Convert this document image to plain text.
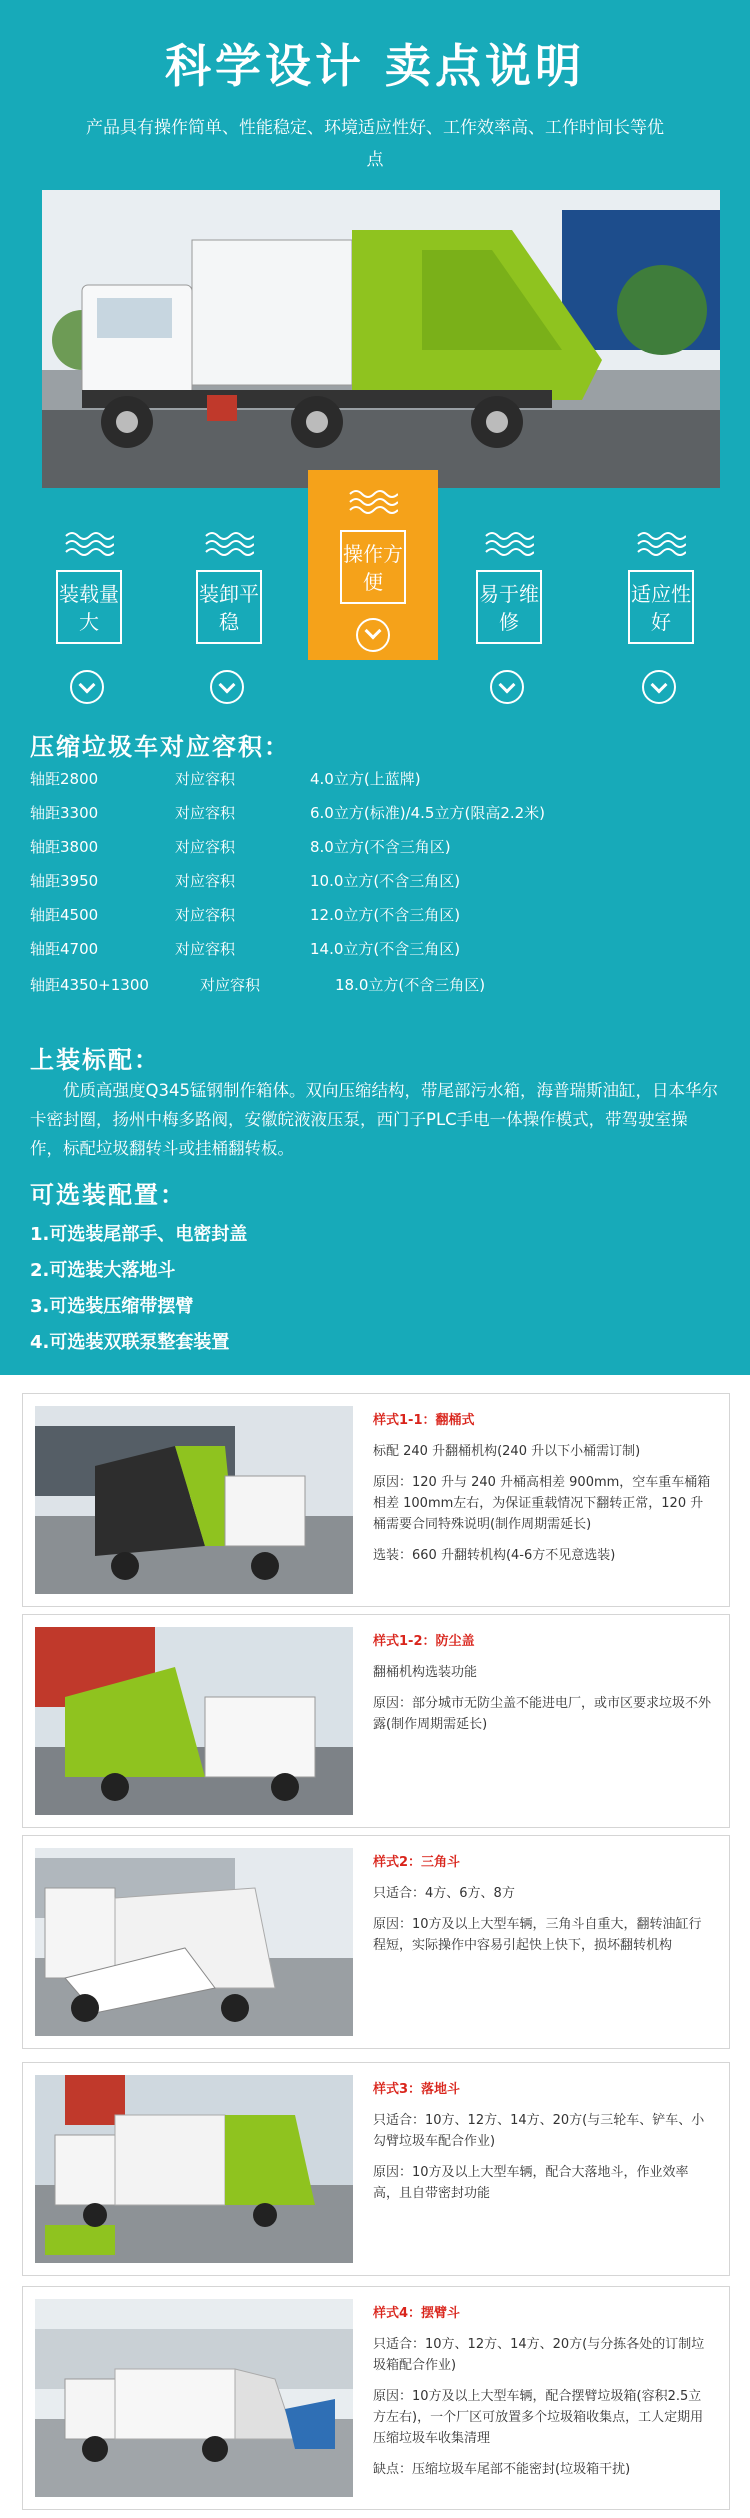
科学设计 卖点说明
产品具有操作简单、性能稳定、环境适应性好、工作效率高、工作时间长等优点
装载量大
装卸平稳
操作方便	易于维修
适应性好
压缩垃圾车对应容积：
轴距2800	对应容积	4.0立方(上蓝牌)
轴距3300	对应容积	6.0立方(标准)/4.5立方(限高2.2米)
轴距3800	对应容积	8.0立方(不含三角区)
轴距3950	对应容积	10.0立方(不含三角区)
轴距4500	对应容积	12.0立方(不含三角区)
轴距4700	对应容积	14.0立方(不含三角区)
轴距4350+1300	对应容积	18.0立方(不含三角区)
上装标配：
优质高强度Q345锰钢制作箱体。双向压缩结构，带尾部污水箱，海普瑞斯油缸，日本华尔卡密封圈，扬州中梅多路阀，安徽皖液液压泵，西门子PLC手电一体操作模式，带驾驶室操作，标配垃圾翻转斗或挂桶翻转板。
可选装配置：
1.可选装尾部手、电密封盖
2.可选装大落地斗
3.可选装压缩带摆臂
4.可选装双联泵整套装置
样式1-1：翻桶式
标配 240 升翻桶机构(240 升以下小桶需订制)
原因：120 升与 240 升桶高相差 900mm，空车重车桶箱相差 100mm左右，为保证重载情况下翻转正常，120 升桶需要合同特殊说明(制作周期需延长)
选装：660 升翻转机构(4-6方不见意选装)
样式1-2：防尘盖
翻桶机构选装功能
原因：部分城市无防尘盖不能进电厂，或市区要求垃圾不外露(制作周期需延长)
样式2：三角斗
只适合：4方、6方、8方
原因：10方及以上大型车辆，三角斗自重大，翻转油缸行程短，实际操作中容易引起快上快下，损坏翻转机构
样式3：落地斗
只适合：10方、12方、14方、20方(与三轮车、铲车、小勾臂垃圾车配合作业)
原因：10方及以上大型车辆，配合大落地斗，作业效率高，且自带密封功能
样式4：摆臂斗
只适合：10方、12方、14方、20方(与分拣各处的订制垃圾箱配合作业)
原因：10方及以上大型车辆，配合摆臂垃圾箱(容积2.5立方左右)，一个厂区可放置多个垃圾箱收集点，工人定期用压缩垃圾车收集清理
缺点：压缩垃圾车尾部不能密封(垃圾箱干扰)
